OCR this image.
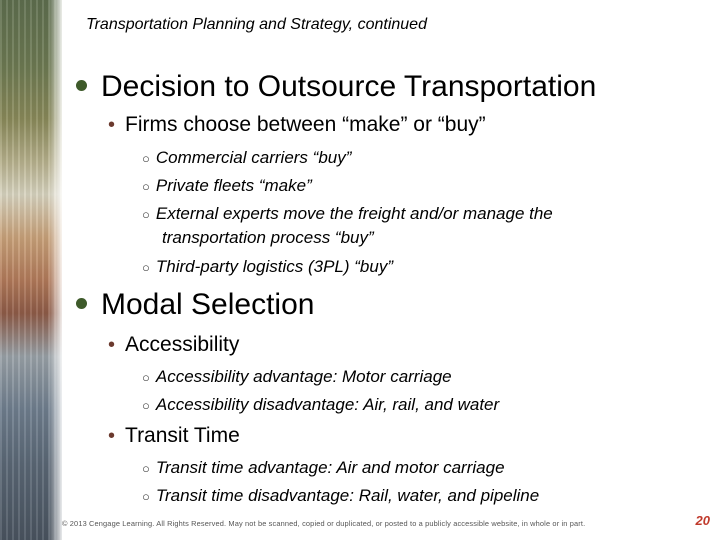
Transportation Planning and Strategy, continued
Decision to Outsource Transportation
• Firms choose between “make” or “buy”
○ Commercial carriers “buy”
○ Private fleets “make”
○ External experts move the freight and/or manage the
transportation process “buy”
○ Third-party logistics (3PL) “buy”
Modal Selection
• Accessibility
○ Accessibility advantage: Motor carriage
○ Accessibility disadvantage: Air, rail, and water
• Transit Time
○ Transit time advantage: Air and motor carriage
○ Transit time disadvantage: Rail, water, and pipeline
© 2013 Cengage Learning. All Rights Reserved. May not be scanned, copied or duplicated, or posted to a publicly accessible website, in whole or in part.	20
